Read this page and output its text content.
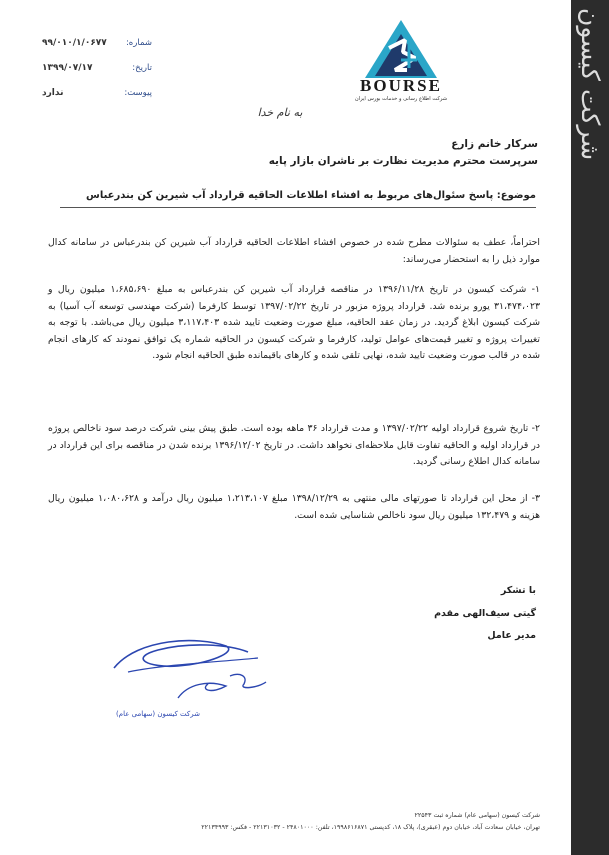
شماره:
۹۹/۰۱۰/۱/۰۶۷۷
تاریخ:
۱۳۹۹/۰۷/۱۷
پیوست:
ندارد	BOURSE
شرکت اطلاع رسانی و خدمات بورس ایران
به نام خدا
سرکار خانم زارع
سرپرست محترم مدیریت نظارت بر ناشران بازار پایه
موضوع: پاسخ سئوال‌های مربوط به افشاء اطلاعات الحاقیه قرارداد آب شیرین کن بندرعباس
احتراماً، عطف به سئوالات مطرح شده در خصوص افشاء اطلاعات الحاقیه قرارداد آب شیرین کن بندرعباس در سامانه کدال موارد ذیل را به استحضار می‌رساند:
۱- شرکت کیسون در تاریخ ۱۳۹۶/۱۱/۲۸ در مناقصه قرارداد آب شیرین کن بندرعباس به مبلغ ۱،۶۸۵،۶۹۰ میلیون ریال و ۳۱،۴۷۴،۰۲۳ یورو برنده شد. قرارداد پروژه مزبور در تاریخ ۱۳۹۷/۰۲/۲۲ توسط کارفرما (شرکت مهندسی توسعه آب آسیا) به شرکت کیسون ابلاغ گردید. در زمان عقد الحاقیه، مبلغ صورت وضعیت تایید شده ۳،۱۱۷،۴۰۳ میلیون ریال می‌باشد. با توجه به تغییرات پروژه و تغییر قیمت‌های عوامل تولید، کارفرما و شرکت کیسون در الحاقیه شماره یک توافق نمودند که کارهای انجام شده در قالب صورت وضعیت تایید شده، نهایی تلقی شده و کارهای باقیمانده طبق الحاقیه انجام شود.
۲- تاریخ شروع قرارداد اولیه ۱۳۹۷/۰۲/۲۲ و مدت قرارداد ۳۶ ماهه بوده است. طبق پیش بینی شرکت درصد سود ناخالص پروژه در قرارداد اولیه و الحاقیه تفاوت قابل ملاحظه‌ای نخواهد داشت. در تاریخ ۱۳۹۶/۱۲/۰۲ برنده شدن در مناقصه برای این قرارداد در سامانه کدال اطلاع رسانی گردید.
۳- از محل این قرارداد تا صورتهای مالی منتهی به ۱۳۹۸/۱۲/۲۹ مبلغ ۱،۲۱۳،۱۰۷ میلیون ریال درآمد و ۱،۰۸۰،۶۲۸ میلیون ریال هزینه و ۱۳۲،۴۷۹ میلیون ریال سود ناخالص شناسایی شده است.
با تشکر
گیتی سیف‌الهی مقدم
مدیر عامل
شرکت کیسون (سهامی عام)
شرکت کیسون (سهامی عام) شماره ثبت ۲۲۵۴۳
تهران، خیابان سعادت آباد، خیابان دوم (عبقری)، پلاک ۱۸، کدپستی ۱۹۹۸۶۱۶۸۷۱، تلفن: ۲۴۸۰۱۰۰۰ - ۲۲۱۳۱۰۳۲ - فکس: ۲۲۱۳۴۹۹۳
شرکت کیسون
